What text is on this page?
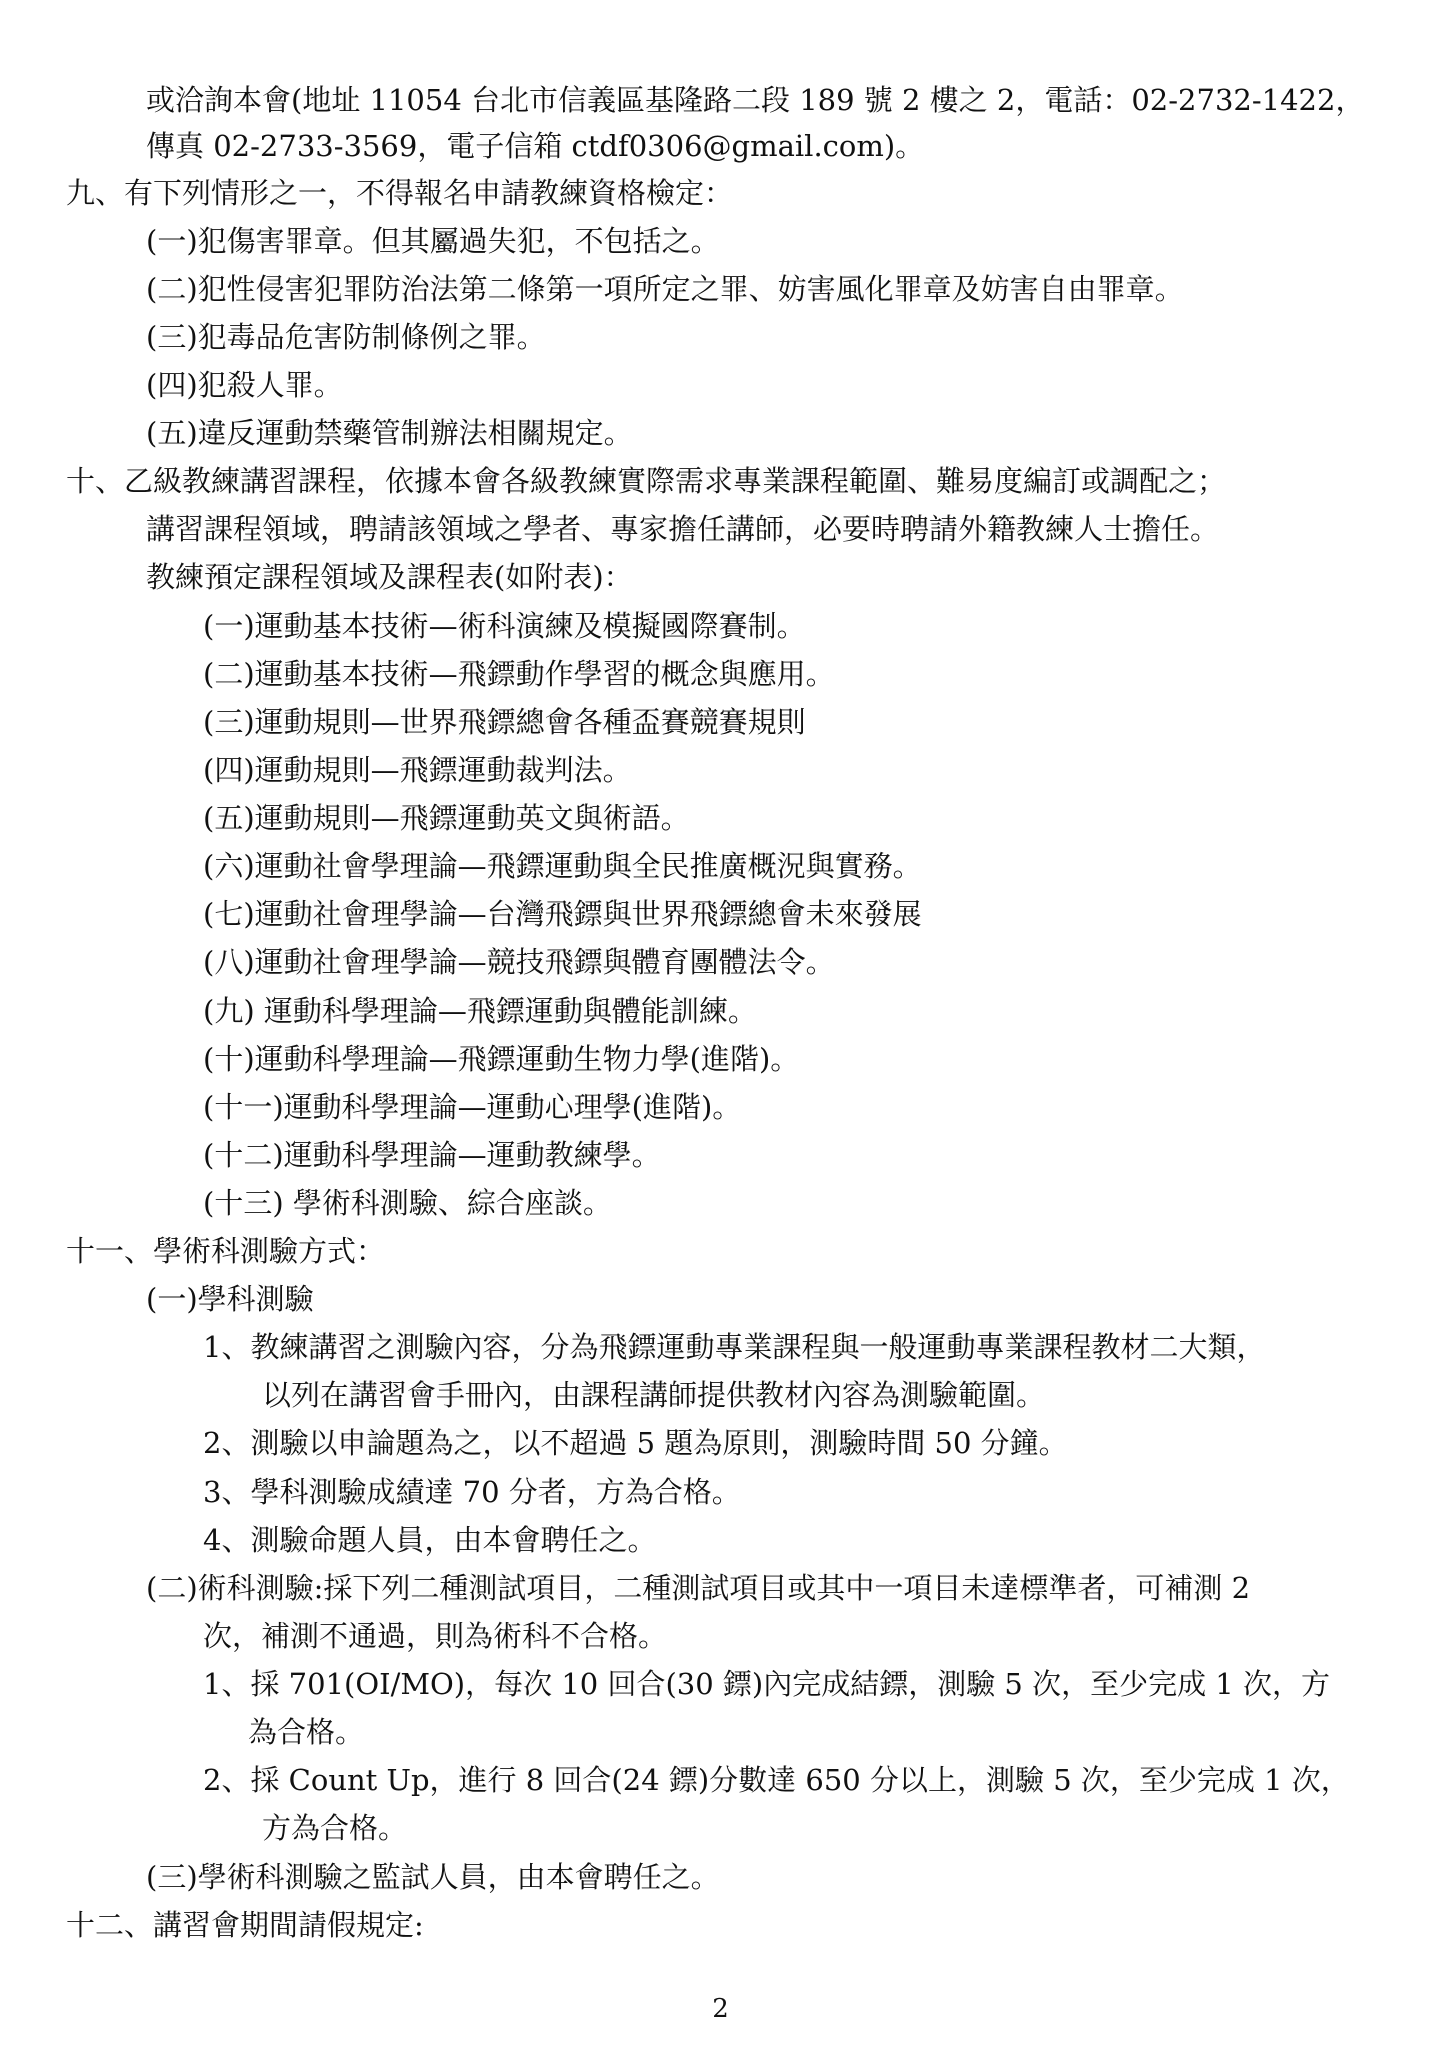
或洽詢本會(地址 11054 台北市信義區基隆路二段 189 號 2 樓之 2，電話：02-2732-1422，
傳真 02-2733-3569，電子信箱 ctdf0306@gmail.com)。
九、有下列情形之一，不得報名申請教練資格檢定：
(一)犯傷害罪章。但其屬過失犯，不包括之。
(二)犯性侵害犯罪防治法第二條第一項所定之罪、妨害風化罪章及妨害自由罪章。
(三)犯毒品危害防制條例之罪。
(四)犯殺人罪。
(五)違反運動禁藥管制辦法相關規定。
十、乙級教練講習課程，依據本會各級教練實際需求專業課程範圍、難易度編訂或調配之；
講習課程領域，聘請該領域之學者、專家擔任講師，必要時聘請外籍教練人士擔任。
教練預定課程領域及課程表(如附表)：
(一)運動基本技術—術科演練及模擬國際賽制。
(二)運動基本技術—飛鏢動作學習的概念與應用。
(三)運動規則—世界飛鏢總會各種盃賽競賽規則
(四)運動規則—飛鏢運動裁判法。
(五)運動規則—飛鏢運動英文與術語。
(六)運動社會學理論—飛鏢運動與全民推廣概況與實務。
(七)運動社會理學論—台灣飛鏢與世界飛鏢總會未來發展
(八)運動社會理學論—競技飛鏢與體育團體法令。
(九) 運動科學理論—飛鏢運動與體能訓練。
(十)運動科學理論—飛鏢運動生物力學(進階)。
(十一)運動科學理論—運動心理學(進階)。
(十二)運動科學理論—運動教練學。
(十三) 學術科測驗、綜合座談。
十一、學術科測驗方式：
(一)學科測驗
1、教練講習之測驗內容，分為飛鏢運動專業課程與一般運動專業課程教材二大類，
以列在講習會手冊內，由課程講師提供教材內容為測驗範圍。
2、測驗以申論題為之，以不超過 5 題為原則，測驗時間 50 分鐘。
3、學科測驗成績達 70 分者，方為合格。
4、測驗命題人員，由本會聘任之。
(二)術科測驗:採下列二種測試項目，二種測試項目或其中一項目未達標準者，可補測 2
次，補測不通過，則為術科不合格。
1、採 701(OI/MO)，每次 10 回合(30 鏢)內完成結鏢，測驗 5 次，至少完成 1 次，方
為合格。
2、採 Count Up，進行 8 回合(24 鏢)分數達 650 分以上，測驗 5 次，至少完成 1 次，
方為合格。
(三)學術科測驗之監試人員，由本會聘任之。
十二、講習會期間請假規定:
2
